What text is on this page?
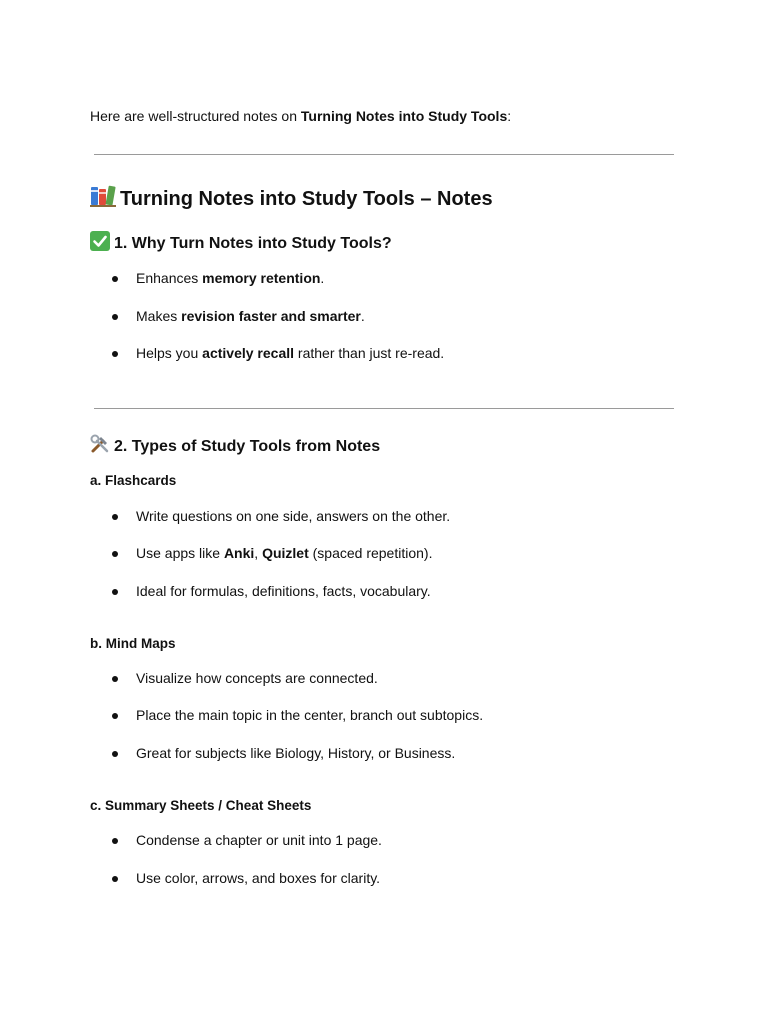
Here are well-structured notes on Turning Notes into Study Tools:
Turning Notes into Study Tools – Notes
1. Why Turn Notes into Study Tools?
Enhances memory retention.
Makes revision faster and smarter.
Helps you actively recall rather than just re-read.
2. Types of Study Tools from Notes
a. Flashcards
Write questions on one side, answers on the other.
Use apps like Anki, Quizlet (spaced repetition).
Ideal for formulas, definitions, facts, vocabulary.
b. Mind Maps
Visualize how concepts are connected.
Place the main topic in the center, branch out subtopics.
Great for subjects like Biology, History, or Business.
c. Summary Sheets / Cheat Sheets
Condense a chapter or unit into 1 page.
Use color, arrows, and boxes for clarity.
